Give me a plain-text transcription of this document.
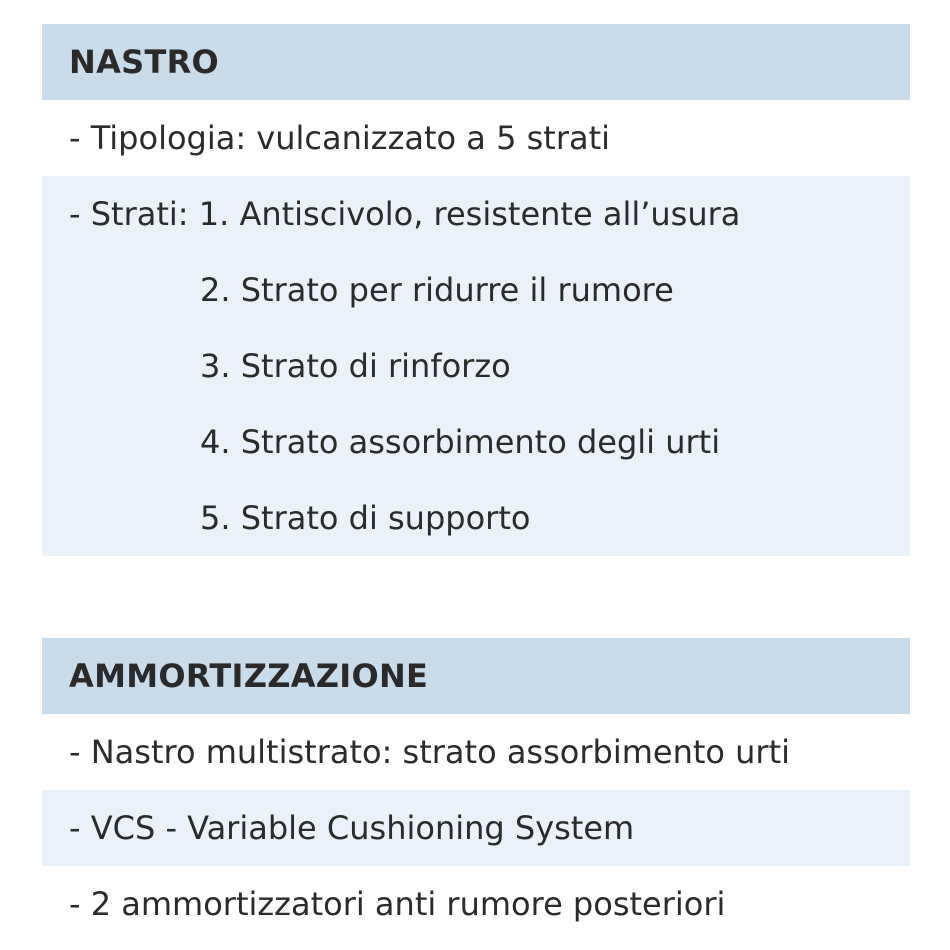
NASTRO
- Tipologia: vulcanizzato a 5 strati
- Strati: 1. Antiscivolo, resistente all’usura
2. Strato per ridurre il rumore
3. Strato di rinforzo
4. Strato assorbimento degli urti
5. Strato di supporto
AMMORTIZZAZIONE
- Nastro multistrato: strato assorbimento urti
- VCS - Variable Cushioning System
- 2 ammortizzatori anti rumore posteriori
